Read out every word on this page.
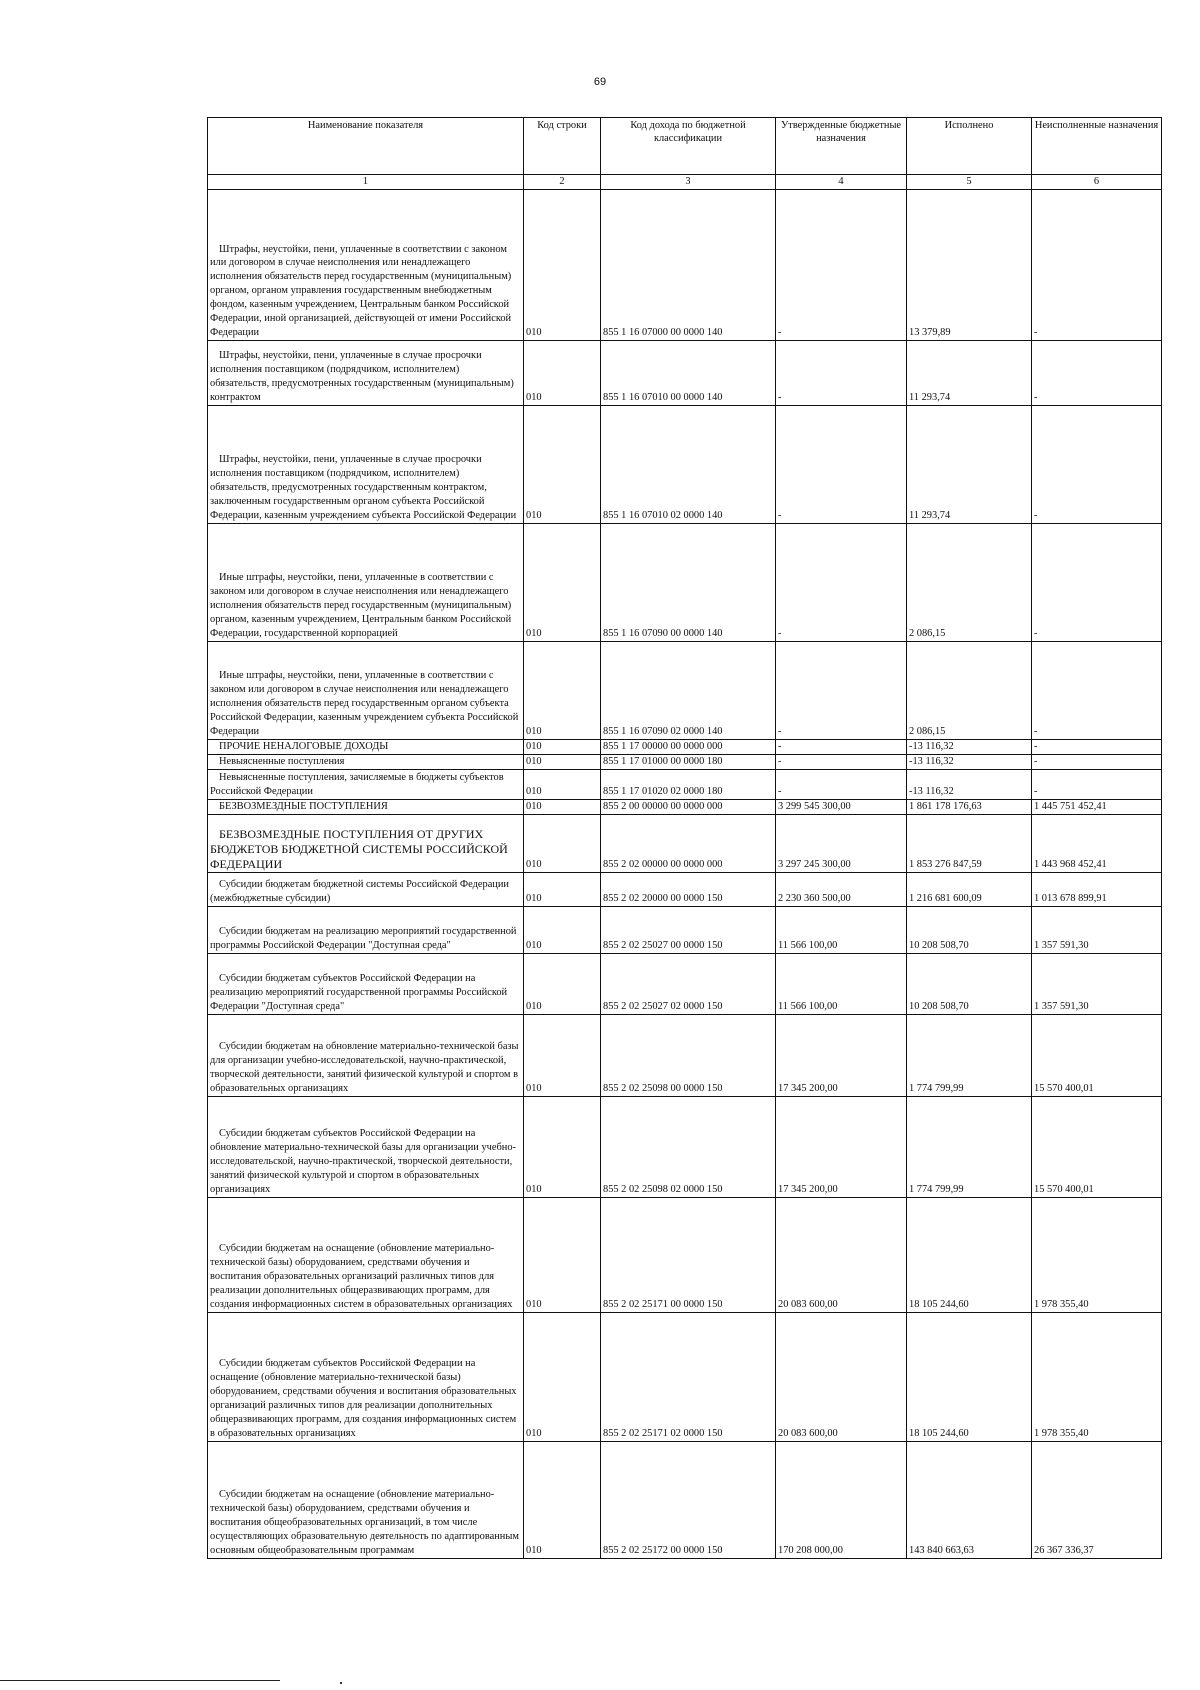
69
Наименование показателя	Код строки	Код дохода по бюджетной классификации	Утвержденные бюджетные назначения	Исполнено	Неисполненные назначения
1	2	3	4	5	6
Штрафы, неустойки, пени, уплаченные в соответствии с законом или договором в случае неисполнения или ненадлежащего исполнения обязательств перед государственным (муниципальным) органом, органом управления государственным внебюджетным фондом, казенным учреждением, Центральным банком Российской Федерации, иной организацией, действующей от имени Российской Федерации	010	855 1 16 07000 00 0000 140	-	13 379,89	-
Штрафы, неустойки, пени, уплаченные в случае просрочки исполнения поставщиком (подрядчиком, исполнителем) обязательств, предусмотренных государственным (муниципальным) контрактом	010	855 1 16 07010 00 0000 140	-	11 293,74	-
Штрафы, неустойки, пени, уплаченные в случае просрочки исполнения поставщиком (подрядчиком, исполнителем) обязательств, предусмотренных государственным контрактом, заключенным государственным органом субъекта Российской Федерации, казенным учреждением субъекта Российской Федерации	010	855 1 16 07010 02 0000 140	-	11 293,74	-
Иные штрафы, неустойки, пени, уплаченные в соответствии с законом или договором в случае неисполнения или ненадлежащего исполнения обязательств перед государственным (муниципальным) органом, казенным учреждением, Центральным банком Российской Федерации, государственной корпорацией	010	855 1 16 07090 00 0000 140	-	2 086,15	-
Иные штрафы, неустойки, пени, уплаченные в соответствии с законом или договором в случае неисполнения или ненадлежащего исполнения обязательств перед государственным органом субъекта Российской Федерации, казенным учреждением субъекта Российской Федерации	010	855 1 16 07090 02 0000 140	-	2 086,15	-
ПРОЧИЕ НЕНАЛОГОВЫЕ ДОХОДЫ	010	855 1 17 00000 00 0000 000	-	-13 116,32	-
Невыясненные поступления	010	855 1 17 01000 00 0000 180	-	-13 116,32	-
Невыясненные поступления, зачисляемые в бюджеты субъектов Российской Федерации	010	855 1 17 01020 02 0000 180	-	-13 116,32	-
БЕЗВОЗМЕЗДНЫЕ ПОСТУПЛЕНИЯ	010	855 2 00 00000 00 0000 000	3 299 545 300,00	1 861 178 176,63	1 445 751 452,41
БЕЗВОЗМЕЗДНЫЕ ПОСТУПЛЕНИЯ ОТ ДРУГИХ БЮДЖЕТОВ БЮДЖЕТНОЙ СИСТЕМЫ РОССИЙСКОЙ ФЕДЕРАЦИИ	010	855 2 02 00000 00 0000 000	3 297 245 300,00	1 853 276 847,59	1 443 968 452,41
Субсидии бюджетам бюджетной системы Российской Федерации (межбюджетные субсидии)	010	855 2 02 20000 00 0000 150	2 230 360 500,00	1 216 681 600,09	1 013 678 899,91
Субсидии бюджетам на реализацию мероприятий государственной программы Российской Федерации "Доступная среда"	010	855 2 02 25027 00 0000 150	11 566 100,00	10 208 508,70	1 357 591,30
Субсидии бюджетам субъектов Российской Федерации на реализацию мероприятий государственной программы Российской Федерации "Доступная среда"	010	855 2 02 25027 02 0000 150	11 566 100,00	10 208 508,70	1 357 591,30
Субсидии бюджетам на обновление материально-технической базы для организации учебно-исследовательской, научно-практической, творческой деятельности, занятий физической культурой и спортом в образовательных организациях	010	855 2 02 25098 00 0000 150	17 345 200,00	1 774 799,99	15 570 400,01
Субсидии бюджетам субъектов Российской Федерации на обновление материально-технической базы для организации учебно-исследовательской, научно-практической, творческой деятельности, занятий физической культурой и спортом в образовательных организациях	010	855 2 02 25098 02 0000 150	17 345 200,00	1 774 799,99	15 570 400,01
Субсидии бюджетам на оснащение (обновление материально-технической базы) оборудованием, средствами обучения и воспитания образовательных организаций различных типов для реализации дополнительных общеразвивающих программ, для создания информационных систем в образовательных организациях	010	855 2 02 25171 00 0000 150	20 083 600,00	18 105 244,60	1 978 355,40
Субсидии бюджетам субъектов Российской Федерации на оснащение (обновление материально-технической базы) оборудованием, средствами обучения и воспитания образовательных организаций различных типов для реализации дополнительных общеразвивающих программ, для создания информационных систем в образовательных организациях	010	855 2 02 25171 02 0000 150	20 083 600,00	18 105 244,60	1 978 355,40
Субсидии бюджетам на оснащение (обновление материально-технической базы) оборудованием, средствами обучения и воспитания общеобразовательных организаций, в том числе осуществляющих образовательную деятельность по адаптированным основным общеобразовательным программам	010	855 2 02 25172 00 0000 150	170 208 000,00	143 840 663,63	26 367 336,37
